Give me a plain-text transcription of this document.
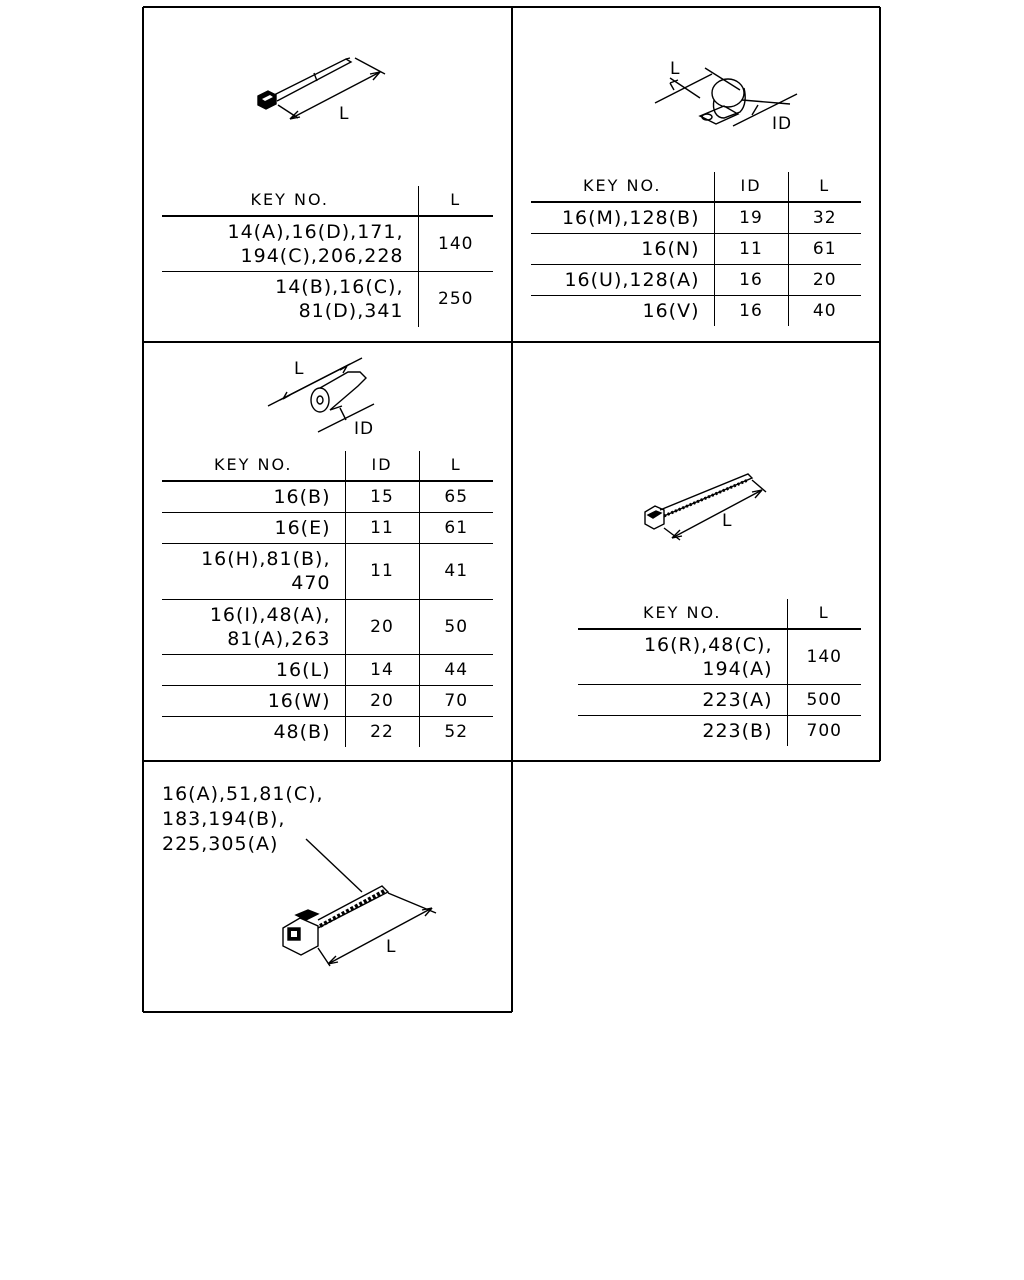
L
L
ID
L
ID
L
L
16(A),51,81(C),
183,194(B),
225,305(A)
KEY NO.	L

14(A),16(D),171,
194(C),206,228	140

14(B),16(C),
81(D),341	250
KEY NO.	ID	L
16(M),128(B)	19	32
16(N)	11	61
16(U),128(A)	16	20
16(V)	16	40
KEY NO.	ID	L
16(B)	15	65
16(E)	11	61

16(H),81(B),
470	11	41

16(I),48(A),
81(A),263	20	50
16(L)	14	44
16(W)	20	70
48(B)	22	52
KEY NO.	L

16(R),48(C),
194(A)	140
223(A)	500
223(B)	700
